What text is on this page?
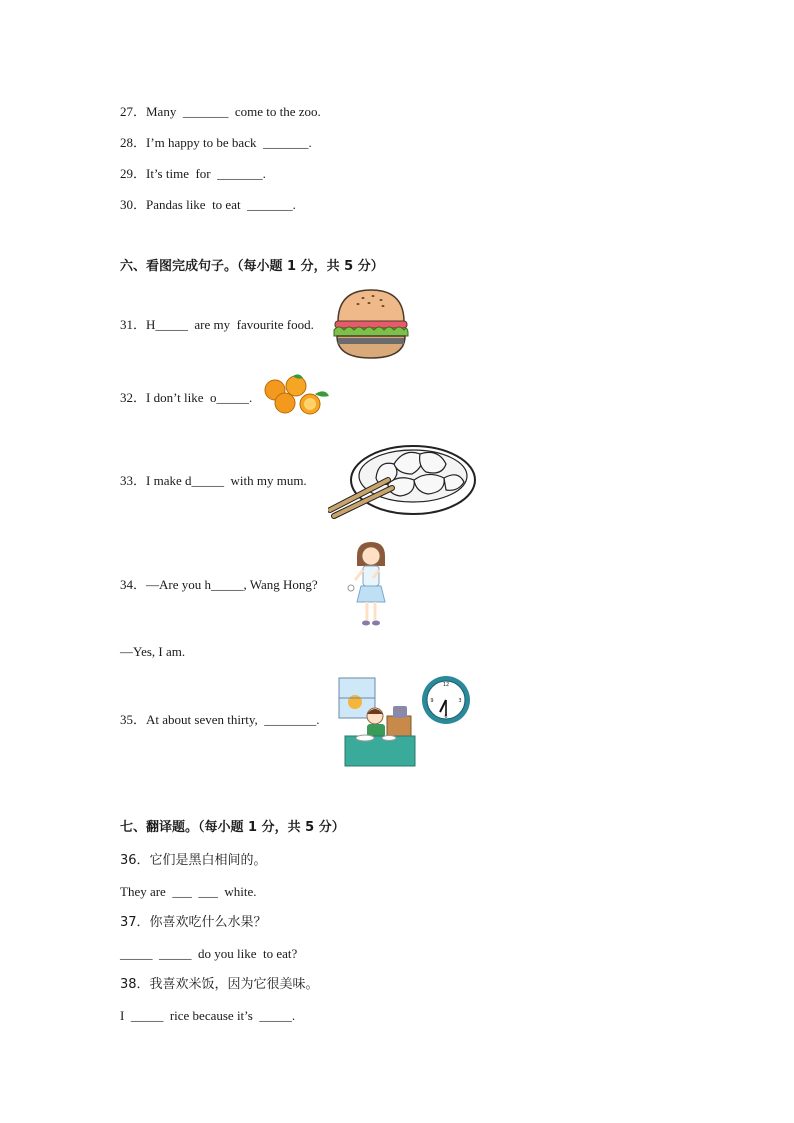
27．Many  _______  come to the zoo.
28．I’m happy to be back  _______.
29．It’s time  for  _______.
30．Pandas like  to eat  _______.
六、看图完成句子。（每小题 1 分，共 5 分）
31．H_____  are my  favourite food.
32．I don’t like  o_____.
33．I make d_____  with my mum.
34．—Are you h_____, Wang Hong?
—Yes, I am.
35．At about seven thirty,  ________.
12
3
6
9
七、翻译题。（每小题 1 分，共 5 分）
36．它们是黑白相间的。
They are  ___  ___  white.
37．你喜欢吃什么水果？
_____  _____  do you like  to eat?
38．我喜欢米饭，因为它很美味。
I  _____  rice because it’s  _____.
